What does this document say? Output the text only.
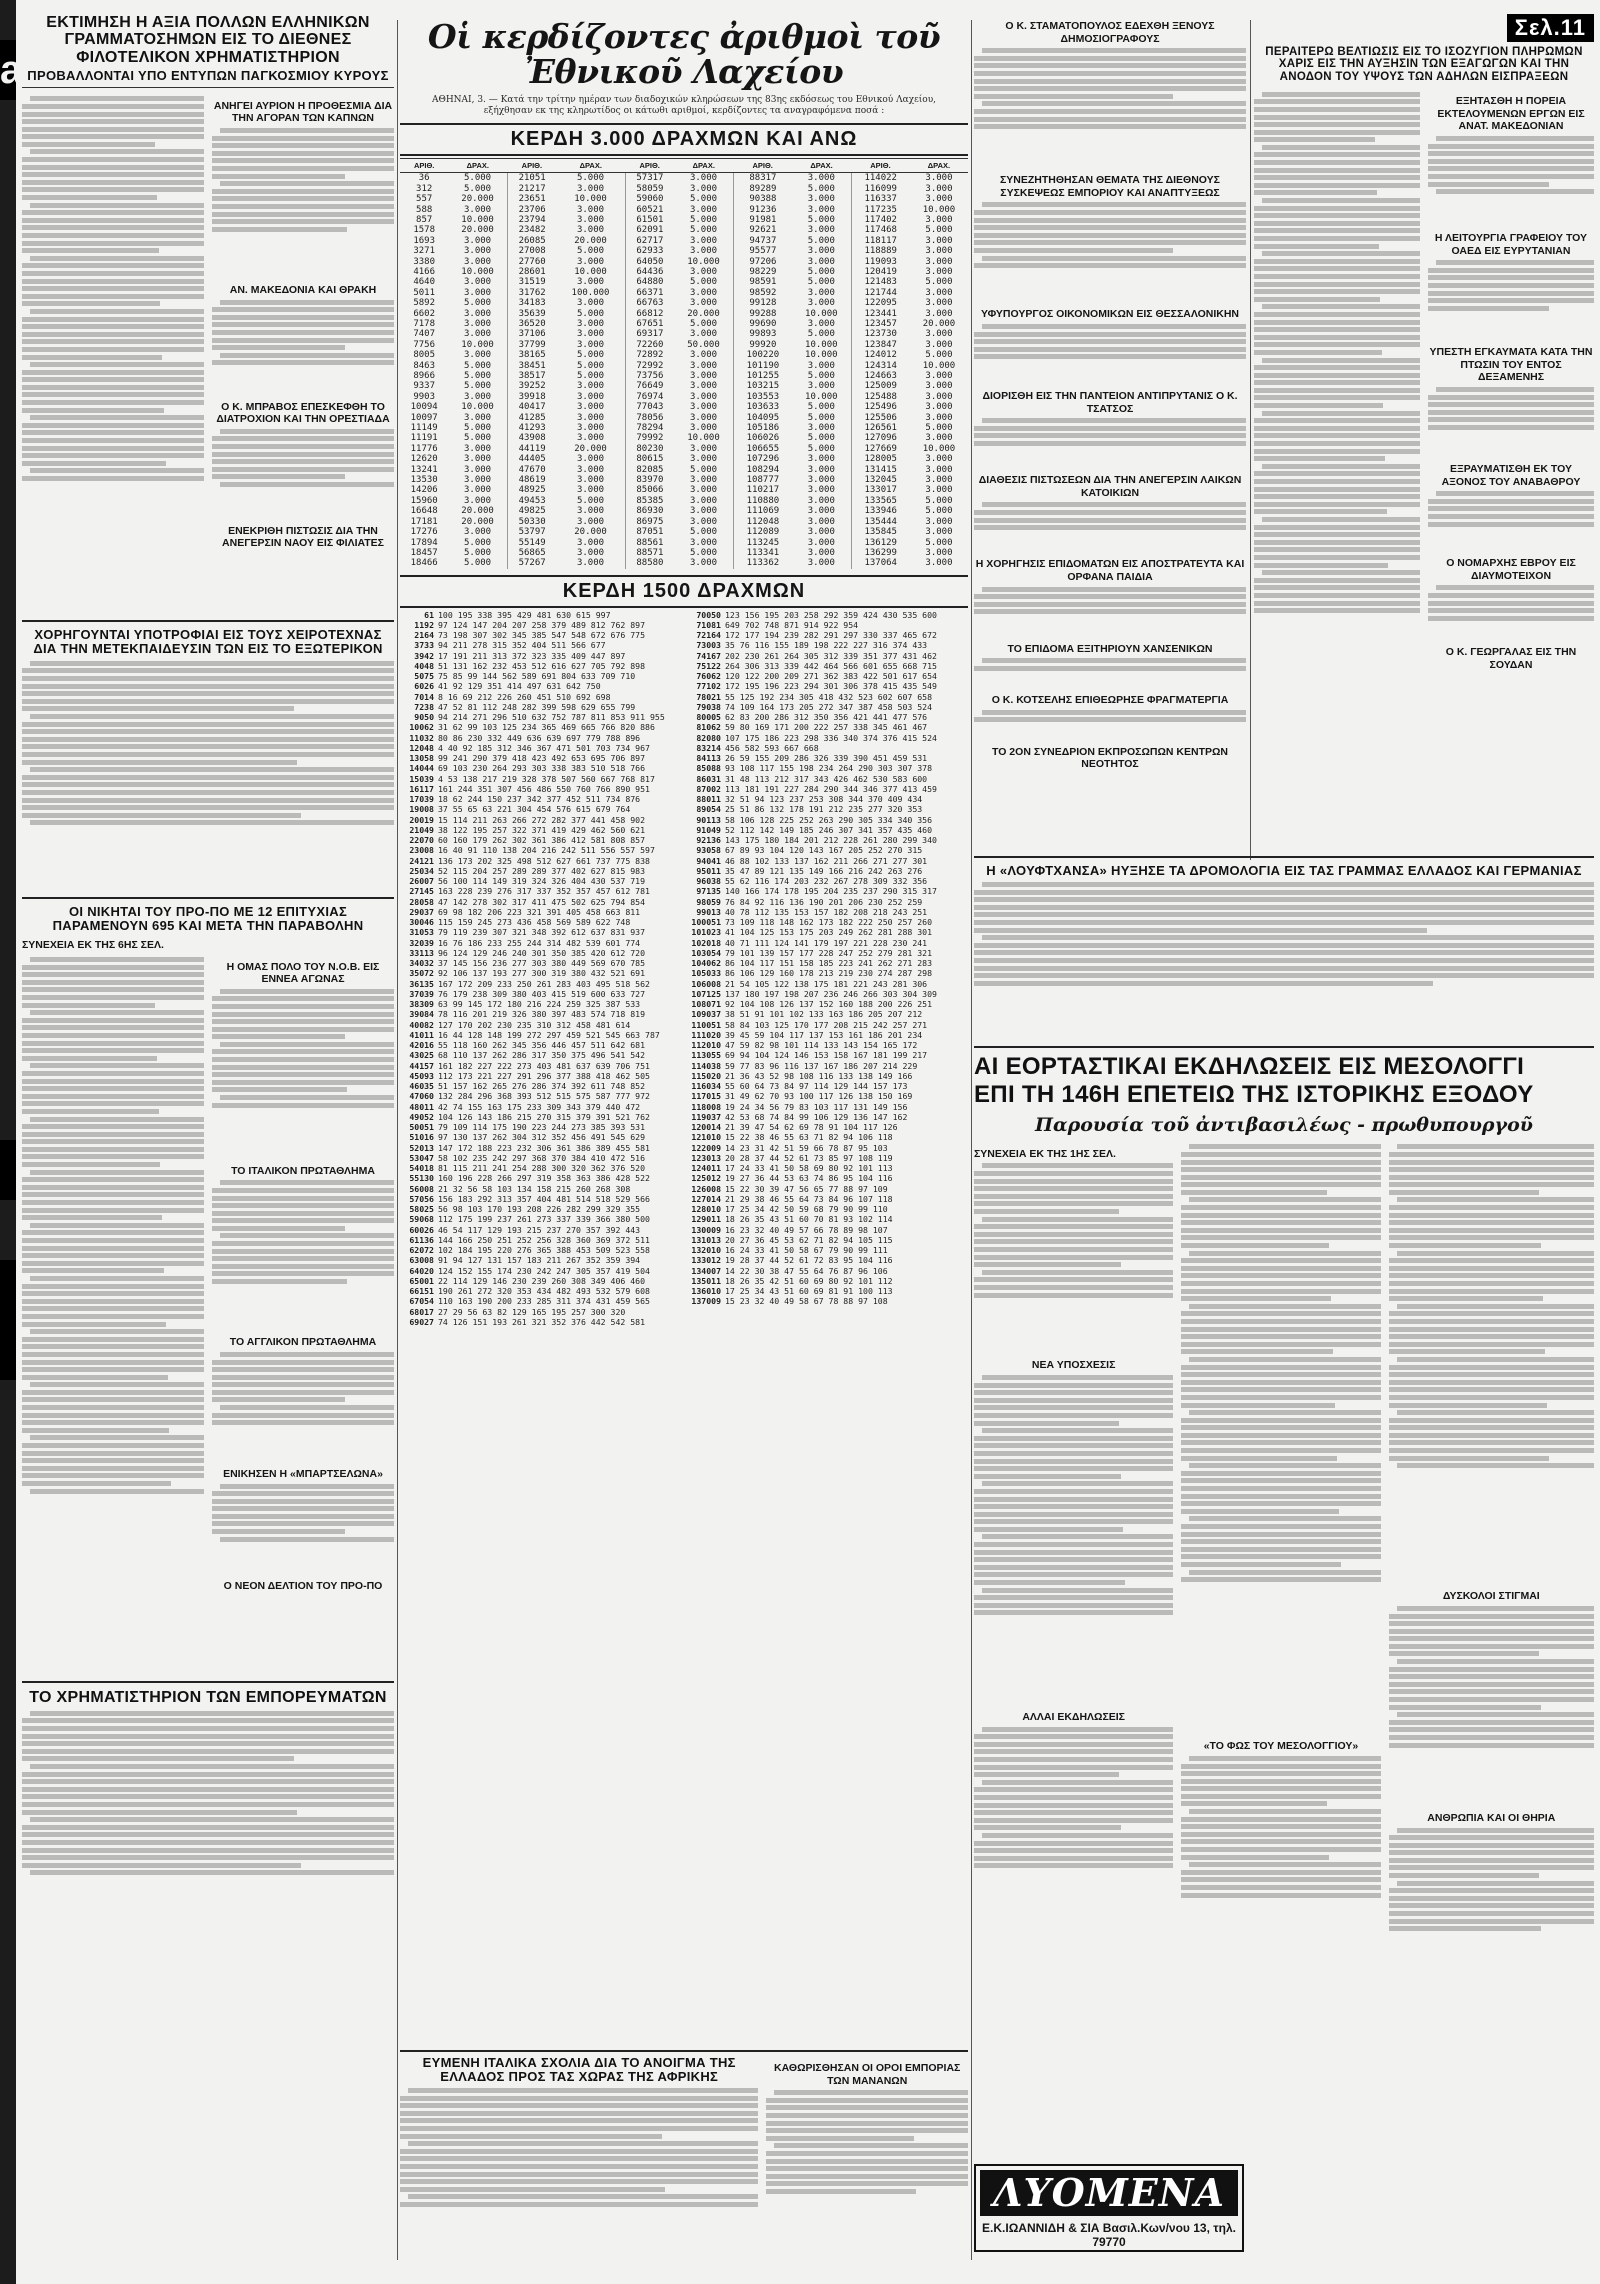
a
ΕΚΤΙΜΗΣΗ Η ΑΞΙΑ ΠΟΛΛΩΝ ΕΛΛΗΝΙΚΩΝ ΓΡΑΜΜΑΤΟΣΗΜΩΝ ΕΙΣ ΤΟ ΔΙΕΘΝΕΣ ΦΙΛΟΤΕΛΙΚΟΝ ΧΡΗΜΑΤΙΣΤΗΡΙΟΝ
ΠΡΟΒΑΛΛΟΝΤΑΙ ΥΠΟ ΕΝΤΥΠΩΝ ΠΑΓΚΟΣΜΙΟΥ ΚΥΡΟΥΣ
ΑΝΗΓΕΙ ΑΥΡΙΟΝ Η ΠΡΟΘΕΣΜΙΑ ΔΙΑ ΤΗΝ ΑΓΟΡΑΝ ΤΩΝ ΚΑΠΝΩΝ
ΑΝ. ΜΑΚΕΔΟΝΙΑ ΚΑΙ ΘΡΑΚΗ
Ο Κ. ΜΠΡΑΒΟΣ ΕΠΕΣΚΕΦΘΗ ΤΟ ΔΙΑΤΡΟΧΙΟΝ ΚΑΙ ΤΗΝ ΟΡΕΣΤΙΑΔΑ
ΕΝΕΚΡΙΘΗ ΠΙΣΤΩΣΙΣ ΔΙΑ ΤΗΝ ΑΝΕΓΕΡΣΙΝ ΝΑΟΥ ΕΙΣ ΦΙΛΙΑΤΕΣ
ΧΟΡΗΓΟΥΝΤΑΙ ΥΠΟΤΡΟΦΙΑΙ ΕΙΣ ΤΟΥΣ ΧΕΙΡΟΤΕΧΝΑΣ ΔΙΑ ΤΗΝ ΜΕΤΕΚΠΑΙΔΕΥΣΙΝ ΤΩΝ ΕΙΣ ΤΟ ΕΞΩΤΕΡΙΚΟΝ
ΟΙ ΝΙΚΗΤΑΙ ΤΟΥ ΠΡΟ-ΠΟ ΜΕ 12 ΕΠΙΤΥΧΙΑΣ ΠΑΡΑΜΕΝΟΥΝ 695 ΚΑΙ ΜΕΤΑ ΤΗΝ ΠΑΡΑΒΟΛΗΝ
ΣΥΝΕΧΕΙΑ ΕΚ ΤΗΣ 6ΗΣ ΣΕΛ.
Η ΟΜΑΣ ΠΟΛΟ ΤΟΥ Ν.Ο.Β. ΕΙΣ ΕΝΝΕΑ ΑΓΩΝΑΣ
ΤΟ ΙΤΑΛΙΚΟΝ ΠΡΩΤΑΘΛΗΜΑ
ΤΟ ΑΓΓΛΙΚΟΝ ΠΡΩΤΑΘΛΗΜΑ
ΕΝΙΚΗΣΕΝ Η «ΜΠΑΡΤΣΕΛΩΝΑ»
Ο ΝΕΟΝ ΔΕΛΤΙΟΝ ΤΟΥ ΠΡΟ-ΠΟ
ΤΟ ΧΡΗΜΑΤΙΣΤΗΡΙΟΝ ΤΩΝ ΕΜΠΟΡΕΥΜΑΤΩΝ
Οἱ κερδίζοντες ἀριθμοὶ τοῦ Ἐθνικοῦ Λαχείου
ΑΘΗΝΑΙ, 3. — Κατά την τρίτην ημέραν των διαδοχικών κληρώσεων της 83ης εκδόσεως του Εθνικού Λαχείου, εξήχθησαν εκ της κληρωτίδος οι κάτωθι αριθμοί, κερδίζοντες τα αναγραφόμενα ποσά :
ΚΕΡΔΗ 3.000 ΔΡΑΧΜΩΝ ΚΑΙ ΑΝΩ
ΑΡΙΘ.	ΔΡΑΧ.	ΑΡΙΘ.	ΔΡΑΧ.	ΑΡΙΘ.	ΔΡΑΧ.	ΑΡΙΘ.	ΔΡΑΧ.	ΑΡΙΘ.	ΔΡΑΧ.
36	5.000	21051	5.000	57317	3.000	88317	3.000	114022	3.000
312	5.000	21217	3.000	58059	3.000	89289	5.000	116099	3.000
557	20.000	23651	10.000	59060	5.000	90388	3.000	116337	3.000
588	3.000	23706	3.000	60521	3.000	91236	3.000	117235	10.000
857	10.000	23794	3.000	61501	5.000	91981	5.000	117402	3.000
1578	20.000	23482	3.000	62091	5.000	92621	3.000	117468	5.000
1693	3.000	26085	20.000	62717	3.000	94737	5.000	118117	3.000
3271	3.000	27008	5.000	62933	3.000	95577	3.000	118889	3.000
3380	3.000	27760	3.000	64050	10.000	97206	3.000	119093	3.000
4166	10.000	28601	10.000	64436	3.000	98229	5.000	120419	3.000
4640	3.000	31519	3.000	64880	5.000	98591	5.000	121483	5.000
5011	3.000	31762	100.000	66371	3.000	98592	3.000	121744	3.000
5892	5.000	34183	3.000	66763	3.000	99128	3.000	122095	3.000
6602	3.000	35639	5.000	66812	20.000	99288	10.000	123441	3.000
7178	3.000	36520	3.000	67651	5.000	99690	3.000	123457	20.000
7407	3.000	37106	3.000	69317	3.000	99893	5.000	123730	3.000
7756	10.000	37799	3.000	72260	50.000	99920	10.000	123847	3.000
8005	3.000	38165	5.000	72892	3.000	100220	10.000	124012	5.000
8463	5.000	38451	5.000	72992	3.000	101190	3.000	124314	10.000
8966	5.000	38517	5.000	73756	3.000	101255	5.000	124663	3.000
9337	5.000	39252	3.000	76649	3.000	103215	3.000	125009	3.000
9903	3.000	39918	3.000	76974	3.000	103553	10.000	125488	3.000
10094	10.000	40417	3.000	77043	3.000	103633	5.000	125496	3.000
10097	3.000	41285	3.000	78056	3.000	104095	5.000	125506	3.000
11149	5.000	41293	3.000	78294	3.000	105186	3.000	126561	5.000
11191	5.000	43908	3.000	79992	10.000	106026	5.000	127096	3.000
11776	3.000	44119	20.000	80230	3.000	106655	5.000	127669	10.000
12620	3.000	44405	3.000	80615	3.000	107296	3.000	128005	3.000
13241	3.000	47670	3.000	82085	5.000	108294	3.000	131415	3.000
13530	3.000	48619	3.000	83970	3.000	108777	3.000	132045	3.000
14206	3.000	48925	3.000	85066	3.000	110217	3.000	133017	3.000
15960	3.000	49453	5.000	85385	3.000	110880	3.000	133565	5.000
16648	20.000	49825	3.000	86930	3.000	111069	3.000	133946	5.000
17181	20.000	50330	3.000	86975	3.000	112048	3.000	135444	3.000
17276	3.000	53797	20.000	87051	5.000	112089	3.000	135845	3.000
17894	5.000	55149	3.000	88561	3.000	113245	3.000	136129	5.000
18457	5.000	56865	3.000	88571	5.000	113341	3.000	136299	3.000
18466	5.000	57267	3.000	88580	3.000	113362	3.000	137064	3.000
ΚΕΡΔΗ 1500 ΔΡΑΧΜΩΝ
61 100 195 338 395 429 481 630 615 997
1192 97 124 147 204 207 258 379 489 812 762 897
2164 73 198 307 302 345 385 547 548 672 676 775
3733 94 211 278 315 352 404 511 566 677
3942 17 191 211 313 372 323 335 409 447 897
4048 51 131 162 232 453 512 616 627 705 792 898
5075 75 85 99 144 562 589 691 804 633 709 710
6026 41 92 129 351 414 497 631 642 750
7014 8 16 69 212 226 260 451 510 692 698
7238 47 52 81 112 248 282 399 598 629 655 799
9050 94 214 271 296 510 632 752 787 811 853 911 955
10062 31 62 99 103 125 234 365 469 665 766 820 886
11032 80 86 230 332 449 636 639 697 779 788 896
12048 4 40 92 185 312 346 367 471 501 703 734 967
13058 99 241 290 379 418 423 492 653 695 706 897
14044 69 103 230 264 293 303 338 383 510 518 766
15039 4 53 138 217 219 328 378 507 560 667 768 817
16117 161 244 351 307 456 486 550 760 766 890 951
17039 18 62 244 150 237 342 377 452 511 734 876
19008 37 55 65 63 221 304 454 576 615 679 764
20019 15 114 211 263 266 272 282 377 441 458 902
21049 38 122 195 257 322 371 419 429 462 560 621
22070 60 160 179 262 302 361 386 412 581 808 857
23008 16 40 91 110 138 204 216 242 511 556 557 597
24121 136 173 202 325 498 512 627 661 737 775 838
25034 52 115 204 257 289 289 377 402 627 815 983
26007 56 100 114 149 319 324 326 404 430 537 719
27145 163 228 239 276 317 337 352 357 457 612 781
28058 47 142 278 302 317 411 475 502 625 794 854
29037 69 98 182 206 223 321 391 405 458 663 811
30046 115 159 245 273 436 458 569 589 622 748
31053 79 119 239 307 321 348 392 612 637 831 937
32039 16 76 186 233 255 244 314 482 539 601 774
33113 96 124 129 246 240 301 350 385 420 612 720
34032 37 145 156 236 277 303 380 449 569 670 785
35072 92 106 137 193 277 300 319 380 432 521 691
36135 167 172 209 233 250 261 283 403 495 518 562
37039 76 179 238 309 380 403 415 519 600 633 727
38309 63 99 145 172 180 216 224 259 325 387 533
39084 78 116 201 219 326 380 397 483 574 718 819
40082 127 170 202 230 235 310 312 458 481 614
41011 16 44 128 148 199 272 297 459 521 545 663 787
42016 55 118 160 262 345 356 446 457 511 642 681
43025 68 110 137 262 286 317 350 375 496 541 542
44157 161 182 227 222 273 403 481 637 639 706 751
45093 112 173 221 227 291 296 377 388 418 462 505
46035 51 157 162 265 276 286 374 392 611 748 852
47060 132 284 296 368 393 512 515 575 587 777 972
48011 42 74 155 163 175 233 309 343 379 440 472
49052 104 126 143 186 215 270 315 379 391 521 762
50051 79 109 114 175 190 223 244 273 385 393 531
51016 97 130 137 262 304 312 352 456 491 545 629
52013 147 172 188 223 232 306 361 386 389 455 581
53047 58 102 235 242 297 368 370 384 410 472 516
54018 81 115 211 241 254 288 300 320 362 376 520
55130 160 196 228 266 297 319 358 363 386 428 522
56008 21 32 56 58 103 134 158 215 260 268 308
57056 156 183 292 313 357 404 481 514 518 529 566
58025 56 98 103 170 193 208 226 282 299 329 355
59068 112 175 199 237 261 273 337 339 366 380 500
60026 46 54 117 129 193 215 237 270 357 392 443
61136 144 166 250 251 252 256 328 360 369 372 511
62072 102 184 195 220 276 365 388 453 509 523 558
63008 91 94 127 131 157 183 211 267 352 359 394
64020 124 152 155 174 230 242 247 305 357 419 504
65001 22 114 129 146 230 239 260 308 349 406 460
66151 190 261 272 320 353 434 482 493 532 579 608
67054 110 163 190 200 233 285 311 374 431 459 565
68017 27 29 56 63 82 129 165 195 257 300 320
69027 74 126 151 193 261 321 352 376 442 542 581
70050 123 156 195 203 258 292 359 424 430 535 600
71081 649 702 748 871 914 922 954
72164 172 177 194 239 282 291 297 330 337 465 672
73003 35 76 116 155 189 198 222 227 316 374 433
74167 202 230 261 264 305 312 339 351 377 431 462
75122 264 306 313 339 442 464 566 601 655 668 715
76062 120 122 200 209 271 362 383 422 501 617 654
77102 172 195 196 223 294 301 306 378 415 435 549
78021 55 125 192 234 305 418 432 523 602 607 658
79038 74 109 164 173 205 272 347 387 458 503 524
80005 62 83 200 286 312 350 356 421 441 477 576
81062 59 80 169 171 200 222 257 338 345 461 467
82080 107 175 186 223 298 336 340 374 376 415 524
83214 456 582 593 667 668
84113 26 59 155 209 286 326 339 390 451 459 531
85088 93 108 117 155 198 234 264 290 303 307 378
86031 31 48 113 212 317 343 426 462 530 583 600
87002 113 181 191 227 284 290 344 346 377 413 459
88011 32 51 94 123 237 253 308 344 370 409 434
89054 25 51 86 132 178 191 212 235 277 320 353
90113 58 106 128 225 252 263 290 305 334 340 356
91049 52 112 142 149 185 246 307 341 357 435 460
92136 143 175 180 184 201 212 228 261 280 299 340
93058 67 89 93 104 120 143 167 205 252 270 315
94041 46 88 102 133 137 162 211 266 271 277 301
95011 35 47 89 121 135 149 166 216 242 263 276
96038 55 62 116 174 203 232 267 278 309 332 356
97135 140 166 174 178 195 204 235 237 290 315 317
98059 76 84 92 116 136 190 201 206 230 252 259
99013 40 78 112 135 153 157 182 208 218 243 251
100051 73 109 118 148 162 173 182 222 250 257 260
101023 41 104 125 153 175 203 249 262 281 288 301
102018 40 71 111 124 141 179 197 221 228 230 241
103054 79 101 139 157 177 228 247 252 279 281 321
104062 86 104 117 151 158 185 223 241 262 271 283
105033 86 106 129 160 178 213 219 230 274 287 298
106008 21 54 105 122 138 175 181 221 243 281 306
107125 137 180 197 198 207 236 246 266 303 304 309
108071 92 104 108 126 137 152 160 188 200 226 251
109037 38 51 91 101 102 133 163 186 205 207 212
110051 58 84 103 125 170 177 208 215 242 257 271
111020 39 45 59 104 117 137 153 161 186 201 234
112010 47 59 82 98 101 114 133 143 154 165 172
113055 69 94 104 124 146 153 158 167 181 199 217
114038 59 77 83 96 116 137 167 186 207 214 229
115020 21 36 43 52 98 108 116 133 138 149 166
116034 55 60 64 73 84 97 114 129 144 157 173
117015 31 49 62 70 93 100 117 126 138 150 169
118008 19 24 34 56 79 83 103 117 131 149 156
119037 42 53 68 74 84 99 106 129 136 147 162
120014 21 39 47 54 62 69 78 91 104 117 126
121010 15 22 38 46 55 63 71 82 94 106 118
122009 14 23 31 42 51 59 66 78 87 95 103
123013 20 28 37 44 52 61 73 85 97 108 119
124011 17 24 33 41 50 58 69 80 92 101 113
125012 19 27 36 44 53 63 74 86 95 104 116
126008 15 22 30 39 47 56 65 77 88 97 109
127014 21 29 38 46 55 64 73 84 96 107 118
128010 17 25 34 42 50 59 68 79 90 99 110
129011 18 26 35 43 51 60 70 81 93 102 114
130009 16 23 32 40 49 57 66 78 89 98 107
131013 20 27 36 45 53 62 71 82 94 105 115
132010 16 24 33 41 50 58 67 79 90 99 111
133012 19 28 37 44 52 61 72 83 95 104 116
134007 14 22 30 38 47 55 64 76 87 96 106
135011 18 26 35 42 51 60 69 80 92 101 112
136010 17 25 34 43 51 60 69 81 91 100 113
137009 15 23 32 40 49 58 67 78 88 97 108
ΕΥΜΕΝΗ ΙΤΑΛΙΚΑ ΣΧΟΛΙΑ ΔΙΑ ΤΟ ΑΝΟΙΓΜΑ ΤΗΣ ΕΛΛΑΔΟΣ ΠΡΟΣ ΤΑΣ ΧΩΡΑΣ ΤΗΣ ΑΦΡΙΚΗΣ
ΚΑΘΩΡΙΣΘΗΣΑΝ ΟΙ ΟΡΟΙ ΕΜΠΟΡΙΑΣ ΤΩΝ ΜΑΝΑΝΩΝ
Ο Κ. ΣΤΑΜΑΤΟΠΟΥΛΟΣ ΕΔΕΧΘΗ ΞΕΝΟΥΣ ΔΗΜΟΣΙΟΓΡΑΦΟΥΣ
ΣΥΝΕΖΗΤΗΘΗΣΑΝ ΘΕΜΑΤΑ ΤΗΣ ΔΙΕΘΝΟΥΣ ΣΥΣΚΕΨΕΩΣ ΕΜΠΟΡΙΟΥ ΚΑΙ ΑΝΑΠΤΥΞΕΩΣ
ΥΦΥΠΟΥΡΓΟΣ ΟΙΚΟΝΟΜΙΚΩΝ ΕΙΣ ΘΕΣΣΑΛΟΝΙΚΗΝ
ΔΙΟΡΙΣΘΗ ΕΙΣ ΤΗΝ ΠΑΝΤΕΙΟΝ ΑΝΤΙΠΡΥΤΑΝΙΣ Ο Κ. ΤΣΑΤΣΟΣ
ΔΙΑΘΕΣΙΣ ΠΙΣΤΩΣΕΩΝ ΔΙΑ ΤΗΝ ΑΝΕΓΕΡΣΙΝ ΛΑΙΚΩΝ ΚΑΤΟΙΚΙΩΝ
Η ΧΟΡΗΓΗΣΙΣ ΕΠΙΔΟΜΑΤΩΝ ΕΙΣ ΑΠΟΣΤΡΑΤΕΥΤΑ ΚΑΙ ΟΡΦΑΝΑ ΠΑΙΔΙΑ
ΤΟ ΕΠΙΔΟΜΑ ΕΞΙΤΗΡΙΟΥΝ ΧΑΝΣΕΝΙΚΩΝ
Ο Κ. ΚΟΤΣΕΛΗΣ ΕΠΙΘΕΩΡΗΣΕ ΦΡΑΓΜΑΤΕΡΓΙΑ
ΤΟ 2ΟΝ ΣΥΝΕΔΡΙΟΝ ΕΚΠΡΟΣΩΠΩΝ ΚΕΝΤΡΩΝ ΝΕΟΤΗΤΟΣ
Σελ.11
ΠΕΡΑΙΤΕΡΩ ΒΕΛΤΙΩΣΙΣ ΕΙΣ ΤΟ ΙΣΟΖΥΓΙΟΝ ΠΛΗΡΩΜΩΝ ΧΑΡΙΣ ΕΙΣ ΤΗΝ ΑΥΞΗΣΙΝ ΤΩΝ ΕΞΑΓΩΓΩΝ ΚΑΙ ΤΗΝ ΑΝΟΔΟΝ ΤΟΥ ΥΨΟΥΣ ΤΩΝ ΑΔΗΛΩΝ ΕΙΣΠΡΑΞΕΩΝ
ΕΞΗΤΑΣΘΗ Η ΠΟΡΕΙΑ ΕΚΤΕΛΟΥΜΕΝΩΝ ΕΡΓΩΝ ΕΙΣ ΑΝΑΤ. ΜΑΚΕΔΟΝΙΑΝ
Η ΛΕΙΤΟΥΡΓΙΑ ΓΡΑΦΕΙΟΥ ΤΟΥ ΟΑΕΔ ΕΙΣ ΕΥΡΥΤΑΝΙΑΝ
ΥΠΕΣΤΗ ΕΓΚΑΥΜΑΤΑ ΚΑΤΑ ΤΗΝ ΠΤΩΣΙΝ ΤΟΥ ΕΝΤΟΣ ΔΕΞΑΜΕΝΗΣ
ΕΞΡΑΥΜΑΤΙΣΘΗ ΕΚ ΤΟΥ ΑΞΟΝΟΣ ΤΟΥ ΑΝΑΒΑΘΡΟΥ
Ο ΝΟΜΑΡΧΗΣ ΕΒΡΟΥ ΕΙΣ ΔΙΑΥΜΟΤΕΙΧΟΝ
Ο Κ. ΓΕΩΡΓΑΛΑΣ ΕΙΣ ΤΗΝ ΣΟΥΔΑΝ
Η «ΛΟΥΦΤΧΑΝΣΑ» ΗΥΞΗΣΕ ΤΑ ΔΡΟΜΟΛΟΓΙΑ ΕΙΣ ΤΑΣ ΓΡΑΜΜΑΣ ΕΛΛΑΔΟΣ ΚΑΙ ΓΕΡΜΑΝΙΑΣ
ΑΙ ΕΟΡΤΑΣΤΙΚΑΙ ΕΚΔΗΛΩΣΕΙΣ ΕΙΣ ΜΕΣΟΛΟΓΓΙ
ΕΠΙ ΤΗ 146Η ΕΠΕΤΕΙΩ ΤΗΣ ΙΣΤΟΡΙΚΗΣ ΕΞΟΔΟΥ
Παρουσία τοῦ ἀντιβασιλέως - πρωθυπουργοῦ
ΣΥΝΕΧΕΙΑ ΕΚ ΤΗΣ 1ΗΣ ΣΕΛ.
ΝΕΑ ΥΠΟΣΧΕΣΙΣ
ΑΛΛΑΙ ΕΚΔΗΛΩΣΕΙΣ
«ΤΟ ΦΩΣ ΤΟΥ ΜΕΣΟΛΟΓΓΙΟΥ»
ΔΥΣΚΟΛΟΙ ΣΤΙΓΜΑΙ
ΑΝΘΡΩΠΙΑ ΚΑΙ ΟΙ ΘΗΡΙΑ
ΛΥΟΜΕΝΑ
Ε.Κ.ΙΩΑΝΝΙΔΗ & ΣΙΑ Βασιλ.Κων/νου 13, τηλ. 79770
